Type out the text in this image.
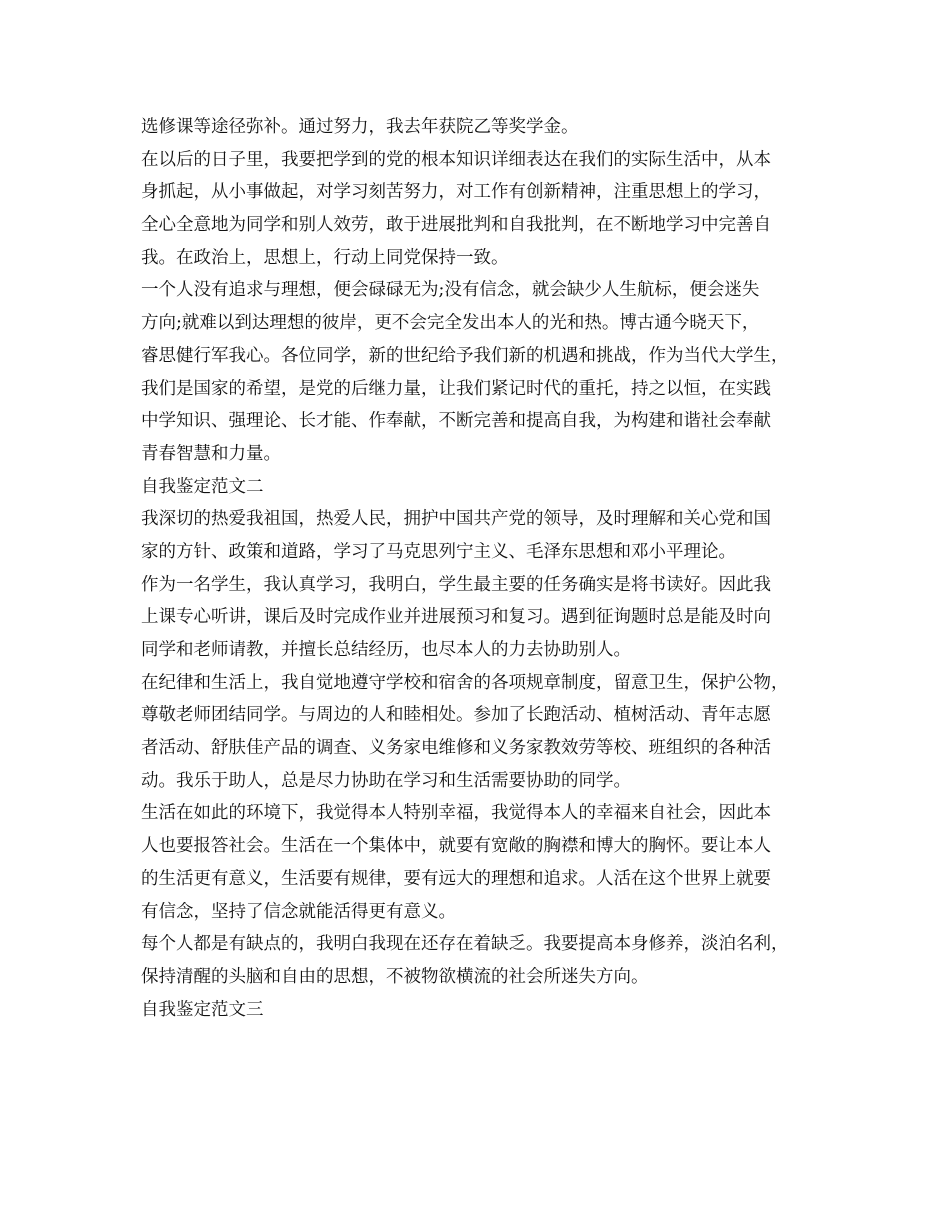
选修课等途径弥补。通过努力，我去年获院乙等奖学金。
在以后的日子里，我要把学到的党的根本知识详细表达在我们的实际生活中，从本
身抓起，从小事做起，对学习刻苦努力，对工作有创新精神，注重思想上的学习，
全心全意地为同学和别人效劳，敢于进展批判和自我批判，在不断地学习中完善自
我。在政治上，思想上，行动上同党保持一致。
一个人没有追求与理想，便会碌碌无为;没有信念，就会缺少人生航标，便会迷失
方向;就难以到达理想的彼岸，更不会完全发出本人的光和热。博古通今晓天下，
睿思健行军我心。各位同学，新的世纪给予我们新的机遇和挑战，作为当代大学生，
我们是国家的希望，是党的后继力量，让我们紧记时代的重托，持之以恒，在实践
中学知识、强理论、长才能、作奉献，不断完善和提高自我，为构建和谐社会奉献
青春智慧和力量。
自我鉴定范文二
我深切的热爱我祖国，热爱人民，拥护中国共产党的领导，及时理解和关心党和国
家的方针、政策和道路，学习了马克思列宁主义、毛泽东思想和邓小平理论。
作为一名学生，我认真学习，我明白，学生最主要的任务确实是将书读好。因此我
上课专心听讲，课后及时完成作业并进展预习和复习。遇到征询题时总是能及时向
同学和老师请教，并擅长总结经历，也尽本人的力去协助别人。
在纪律和生活上，我自觉地遵守学校和宿舍的各项规章制度，留意卫生，保护公物，
尊敬老师团结同学。与周边的人和睦相处。参加了长跑活动、植树活动、青年志愿
者活动、舒肤佳产品的调查、义务家电维修和义务家教效劳等校、班组织的各种活
动。我乐于助人，总是尽力协助在学习和生活需要协助的同学。
生活在如此的环境下，我觉得本人特别幸福，我觉得本人的幸福来自社会，因此本
人也要报答社会。生活在一个集体中，就要有宽敞的胸襟和博大的胸怀。要让本人
的生活更有意义，生活要有规律，要有远大的理想和追求。人活在这个世界上就要
有信念，坚持了信念就能活得更有意义。
每个人都是有缺点的，我明白我现在还存在着缺乏。我要提高本身修养，淡泊名利，
保持清醒的头脑和自由的思想，不被物欲横流的社会所迷失方向。
自我鉴定范文三
